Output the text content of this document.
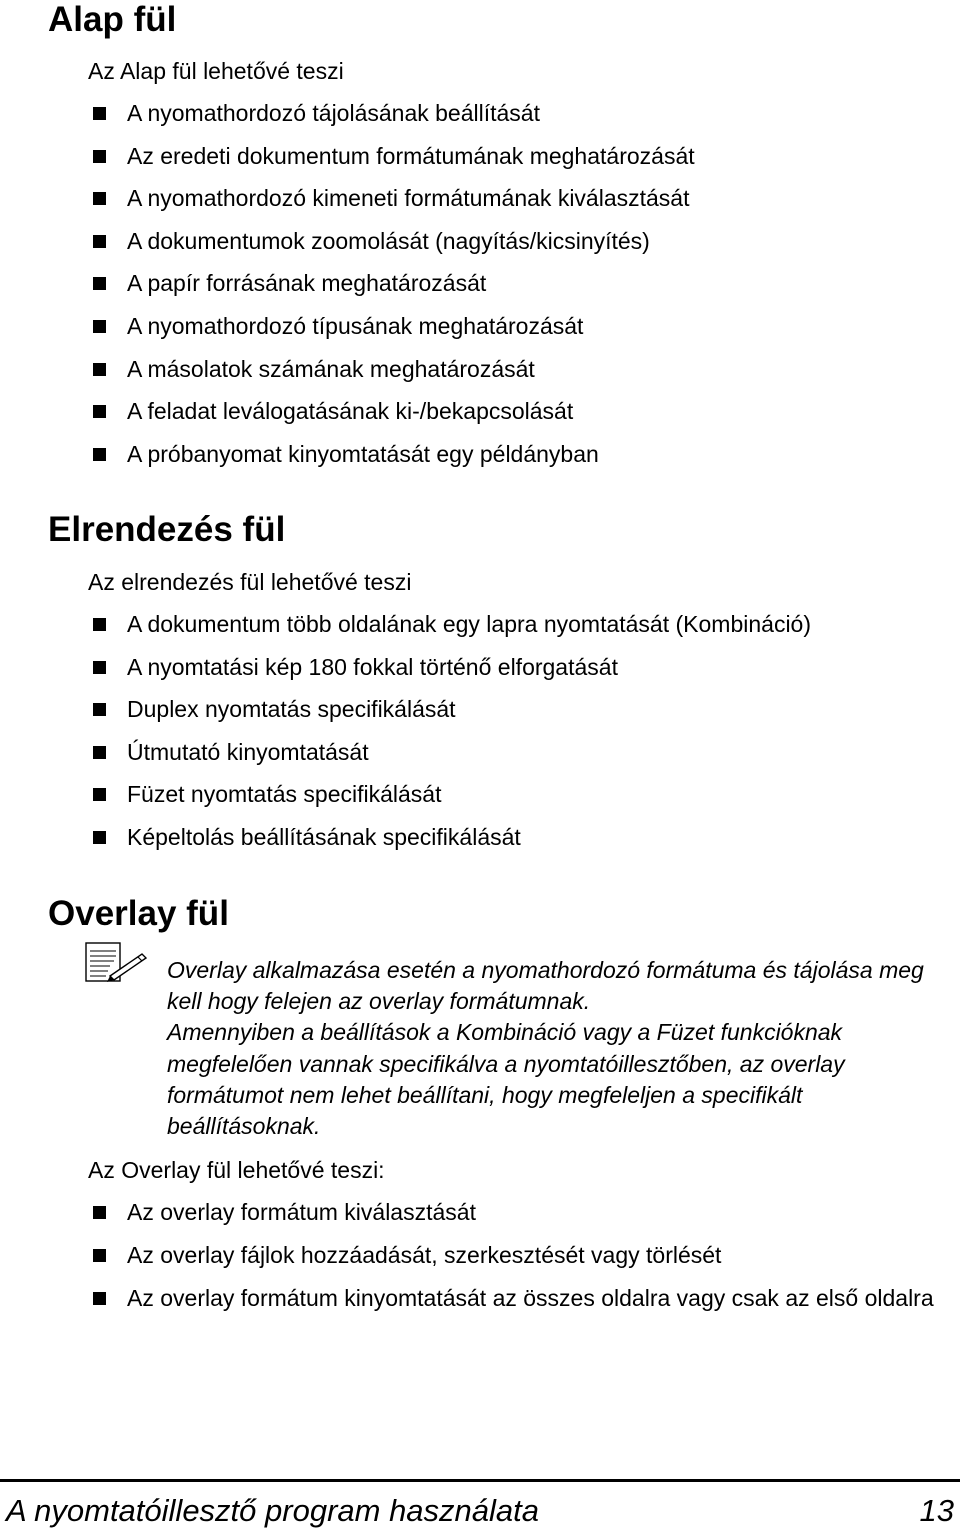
Alap fül

Az Alap fül lehetővé teszi

A nyomathordozó tájolásának beállítását
Az eredeti dokumentum formátumának meghatározását
A nyomathordozó kimeneti formátumának kiválasztását
A dokumentumok zoomolását (nagyítás/kicsinyítés)
A papír forrásának meghatározását
A nyomathordozó típusának meghatározását
A másolatok számának meghatározását
A feladat leválogatásának ki-/bekapcsolását
A próbanyomat kinyomtatását egy példányban
Elrendezés fül

Az elrendezés fül lehetővé teszi

A dokumentum több oldalának egy lapra nyomtatását (Kombináció)
A nyomtatási kép 180 fokkal történő elforgatását
Duplex nyomtatás specifikálását
Útmutató kinyomtatását
Füzet nyomtatás specifikálását
Képeltolás beállításának specifikálását
Overlay fül

Overlay alkalmazása esetén a nyomathordozó formátuma és tájolása meg kell hogy felejen az overlay formátumnak.

Amennyiben a beállítások a Kombináció vagy a Füzet funkcióknak megfelelően vannak specifikálva a nyomtatóillesztőben, az overlay formátumot nem lehet beállítani, hogy megfeleljen a specifikált beállításoknak.

Az Overlay fül lehetővé teszi:

Az overlay formátum kiválasztását
Az overlay fájlok hozzáadását, szerkesztését vagy törlését
Az overlay formátum kinyomtatását az összes oldalra vagy csak az első oldalra
A nyomtatóillesztő program használata	13
